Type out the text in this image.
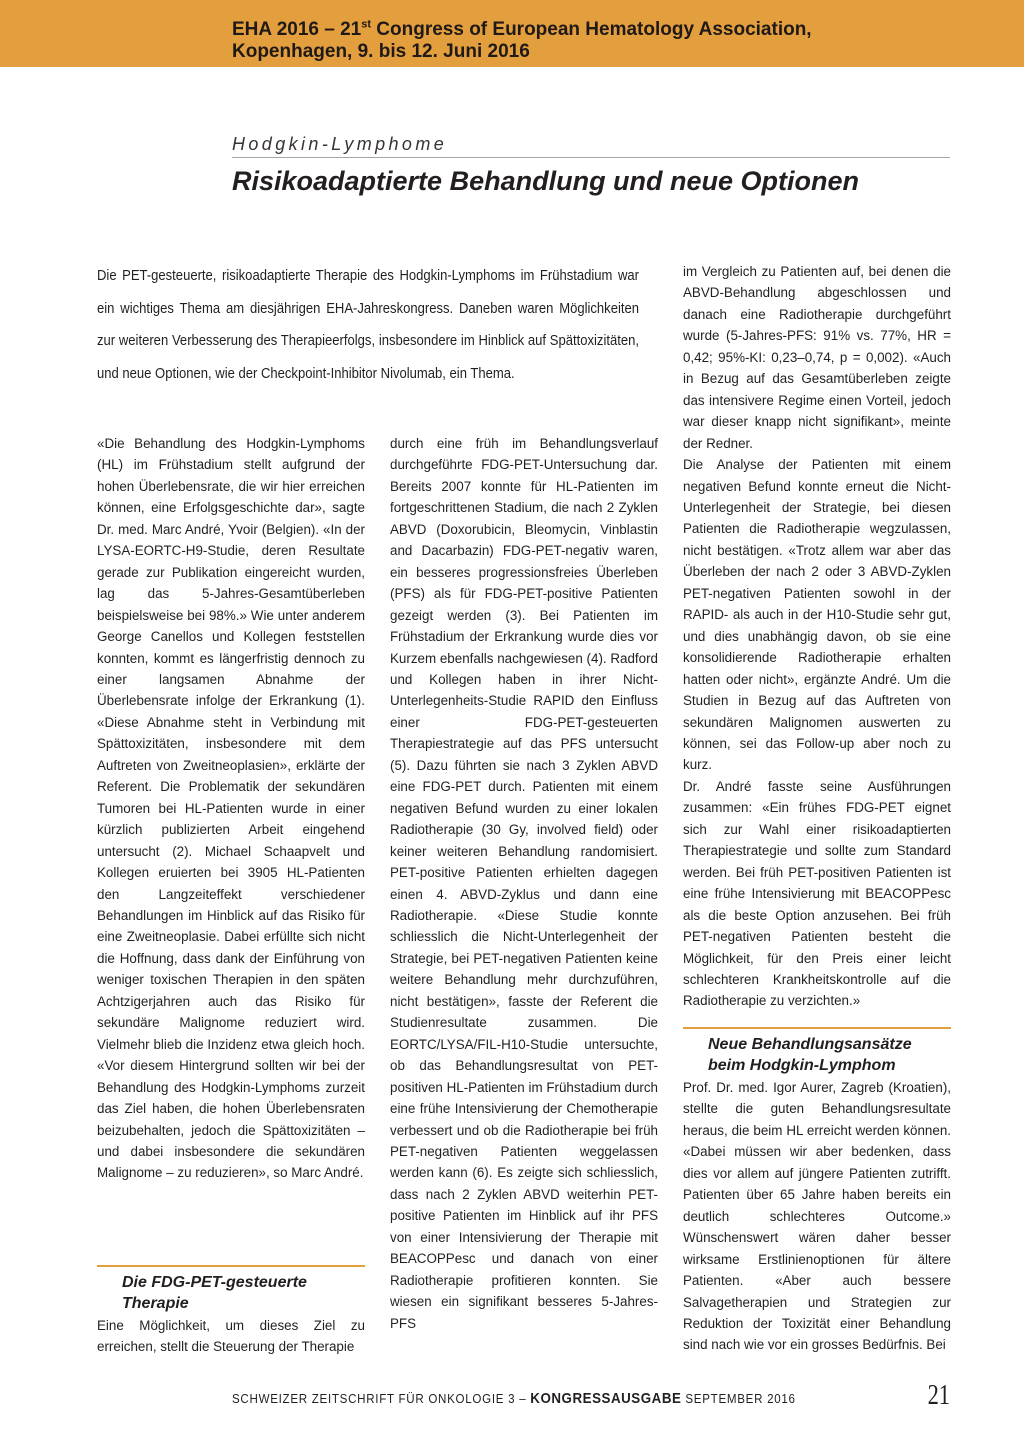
EHA 2016 – 21st Congress of European Hematology Association,
Kopenhagen, 9. bis 12. Juni 2016
Hodgkin-Lymphome
Risikoadaptierte Behandlung und neue Optionen
Die PET-gesteuerte, risikoadaptierte Therapie des Hodgkin-Lymphoms im Frühstadium war ein wichtiges Thema am diesjährigen EHA-Jahreskongress. Daneben waren Möglichkeiten zur weiteren Verbesserung des Therapieerfolgs, insbesondere im Hinblick auf Spättoxizitäten, und neue Optionen, wie der Checkpoint-Inhibitor Nivolumab, ein Thema.

«Die Behandlung des Hodgkin-Lymphoms (HL) im Frühstadium stellt aufgrund der hohen Überlebensrate, die wir hier erreichen können, eine Erfolgsgeschichte dar», sagte Dr. med. Marc André, Yvoir (Belgien). «In der LYSA-EORTC-H9-Studie, deren Resultate gerade zur Publikation eingereicht wurden, lag das 5-Jahres-Gesamtüberleben beispielsweise bei 98%.» Wie unter anderem George Canellos und Kollegen feststellen konnten, kommt es längerfristig dennoch zu einer langsamen Abnahme der Überlebensrate infolge der Erkrankung (1). «Diese Abnahme steht in Verbindung mit Spättoxizitäten, insbesondere mit dem Auftreten von Zweitneoplasien», erklärte der Referent. Die Problematik der sekundären Tumoren bei HL-Patienten wurde in einer kürzlich publizierten Arbeit eingehend untersucht (2). Michael Schaapvelt und Kollegen eruierten bei 3905 HL-Patienten den Langzeiteffekt verschiedener Behandlungen im Hinblick auf das Risiko für eine Zweitneoplasie. Dabei erfüllte sich nicht die Hoffnung, dass dank der Einführung von weniger toxischen Therapien in den späten Achtzigerjahren auch das Risiko für sekundäre Malignome reduziert wird. Vielmehr blieb die Inzidenz etwa gleich hoch. «Vor diesem Hintergrund sollten wir bei der Behandlung des Hodgkin-Lymphoms zurzeit das Ziel haben, die hohen Überlebensraten beizubehalten, jedoch die Spättoxizitäten – und dabei insbesondere die sekundären Malignome – zu reduzieren», so Marc André.

Die FDG-PET-gesteuerte
Therapie

Eine Möglichkeit, um dieses Ziel zu erreichen, stellt die Steuerung der Therapie

durch eine früh im Behandlungsverlauf durchgeführte FDG-PET-Untersuchung dar. Bereits 2007 konnte für HL-Patienten im fortgeschrittenen Stadium, die nach 2 Zyklen ABVD (Doxorubicin, Bleomycin, Vinblastin and Dacarbazin) FDG-PET-negativ waren, ein besseres progressionsfreies Überleben (PFS) als für FDG-PET-positive Patienten gezeigt werden (3). Bei Patienten im Frühstadium der Erkrankung wurde dies vor Kurzem ebenfalls nachgewiesen (4). Radford und Kollegen haben in ihrer Nicht-Unterlegenheits-Studie RAPID den Einfluss einer FDG-PET-gesteuerten Therapiestrategie auf das PFS untersucht (5). Dazu führten sie nach 3 Zyklen ABVD eine FDG-PET durch. Patienten mit einem negativen Befund wurden zu einer lokalen Radiotherapie (30 Gy, involved field) oder keiner weiteren Behandlung randomisiert. PET-positive Patienten erhielten dagegen einen 4. ABVD-Zyklus und dann eine Radiotherapie. «Diese Studie konnte schliesslich die Nicht-Unterlegenheit der Strategie, bei PET-negativen Patienten keine weitere Behandlung mehr durchzuführen, nicht bestätigen», fasste der Referent die Studienresultate zusammen. Die EORTC/LYSA/FIL-H10-Studie untersuchte, ob das Behandlungsresultat von PET-positiven HL-Patienten im Frühstadium durch eine frühe Intensivierung der Chemotherapie verbessert und ob die Radiotherapie bei früh PET-negativen Patienten weggelassen werden kann (6). Es zeigte sich schliesslich, dass nach 2 Zyklen ABVD weiterhin PET-positive Patienten im Hinblick auf ihr PFS von einer Intensivierung der Therapie mit BEACOPPesc und danach von einer Radiotherapie profitieren konnten. Sie wiesen ein signifikant besseres 5-Jahres-PFS

im Vergleich zu Patienten auf, bei denen die ABVD-Behandlung abgeschlossen und danach eine Radiotherapie durchgeführt wurde (5-Jahres-PFS: 91% vs. 77%, HR = 0,42; 95%-KI: 0,23–0,74, p = 0,002). «Auch in Bezug auf das Gesamtüberleben zeigte das intensivere Regime einen Vorteil, jedoch war dieser knapp nicht signifikant», meinte der Redner.

Die Analyse der Patienten mit einem negativen Befund konnte erneut die Nicht-Unterlegenheit der Strategie, bei diesen Patienten die Radiotherapie wegzulassen, nicht bestätigen. «Trotz allem war aber das Überleben der nach 2 oder 3 ABVD-Zyklen PET-negativen Patienten sowohl in der RAPID- als auch in der H10-Studie sehr gut, und dies unabhängig davon, ob sie eine konsolidierende Radiotherapie erhalten hatten oder nicht», ergänzte André. Um die Studien in Bezug auf das Auftreten von sekundären Malignomen auswerten zu können, sei das Follow-up aber noch zu kurz.

Dr. André fasste seine Ausführungen zusammen: «Ein frühes FDG-PET eignet sich zur Wahl einer risikoadaptierten Therapiestrategie und sollte zum Standard werden. Bei früh PET-positiven Patienten ist eine frühe Intensivierung mit BEACOPPesc als die beste Option anzusehen. Bei früh PET-negativen Patienten besteht die Möglichkeit, für den Preis einer leicht schlechteren Krankheitskontrolle auf die Radiotherapie zu verzichten.»

Neue Behandlungsansätze
beim Hodgkin-Lymphom

Prof. Dr. med. Igor Aurer, Zagreb (Kroatien), stellte die guten Behandlungsresultate heraus, die beim HL erreicht werden können. «Dabei müssen wir aber bedenken, dass dies vor allem auf jüngere Patienten zutrifft. Patienten über 65 Jahre haben bereits ein deutlich schlechteres Outcome.» Wünschenswert wären daher besser wirksame Erstlinienoptionen für ältere Patienten. «Aber auch bessere Salvagetherapien und Strategien zur Reduktion der Toxizität einer Behandlung sind nach wie vor ein grosses Bedürfnis. Bei

SCHWEIZER ZEITSCHRIFT FÜR ONKOLOGIE 3 – KONGRESSAUSGABE SEPTEMBER 2016	21
